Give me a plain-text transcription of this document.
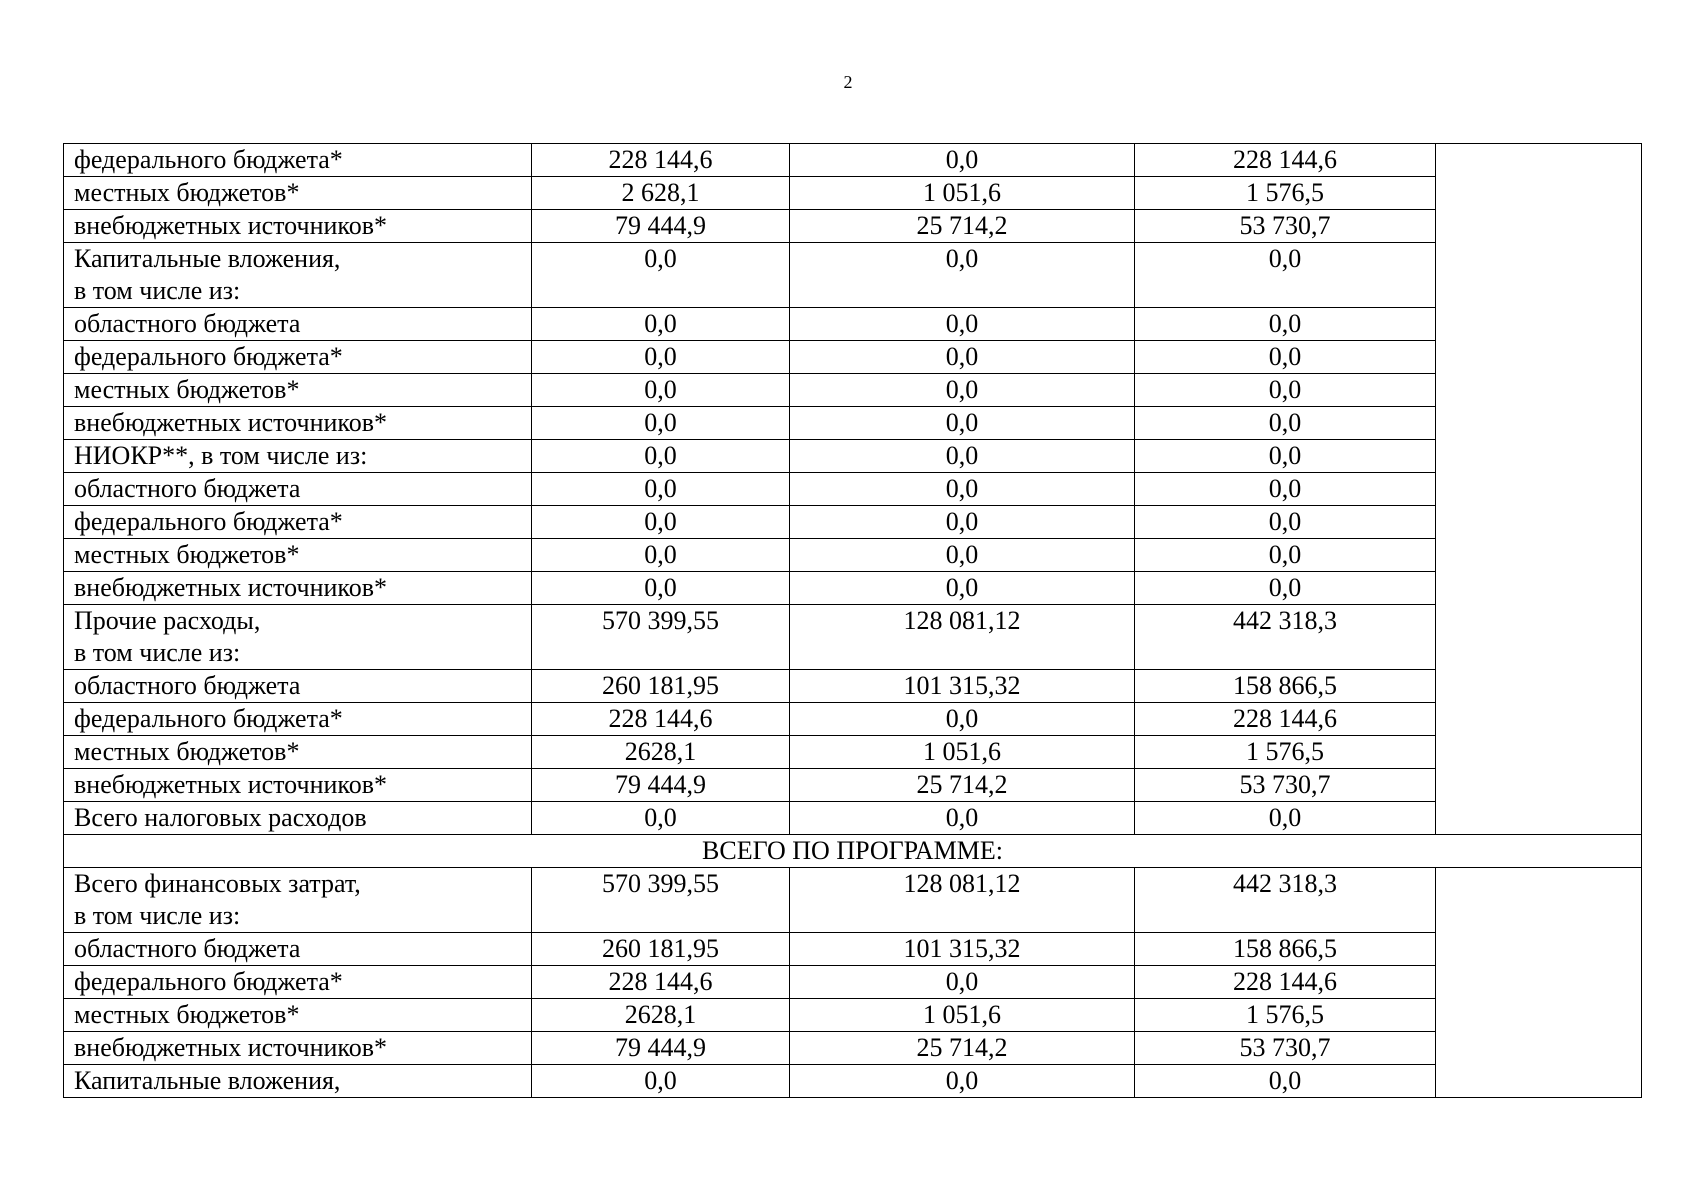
2
федерального бюджета*	228 144,6	0,0	228 144,6	

местных бюджетов*	2 628,1	1 051,6	1 576,5	

внебюджетных источников*	79 444,9	25 714,2	53 730,7	

Капитальные вложения,
в том числе из:	0,0	0,0	0,0	

областного бюджета	0,0	0,0	0,0	

федерального бюджета*	0,0	0,0	0,0	

местных бюджетов*	0,0	0,0	0,0	

внебюджетных источников*	0,0	0,0	0,0	

НИОКР**, в том числе из:	0,0	0,0	0,0	

областного бюджета	0,0	0,0	0,0	

федерального бюджета*	0,0	0,0	0,0	

местных бюджетов*	0,0	0,0	0,0	

внебюджетных источников*	0,0	0,0	0,0	

Прочие расходы,
в том числе из:	570 399,55	128 081,12	442 318,3	

областного бюджета	260 181,95	101 315,32	158 866,5	

федерального бюджета*	228 144,6	0,0	228 144,6	

местных бюджетов*	2628,1	1 051,6	1 576,5	

внебюджетных источников*	79 444,9	25 714,2	53 730,7	

Всего налоговых расходов	0,0	0,0	0,0	
ВСЕГО ПО ПРОГРАММЕ:				

Всего финансовых затрат,
в том числе из:	570 399,55	128 081,12	442 318,3	

областного бюджета	260 181,95	101 315,32	158 866,5	

федерального бюджета*	228 144,6	0,0	228 144,6	

местных бюджетов*	2628,1	1 051,6	1 576,5	

внебюджетных источников*	79 444,9	25 714,2	53 730,7	

Капитальные вложения,	0,0	0,0	0,0	
